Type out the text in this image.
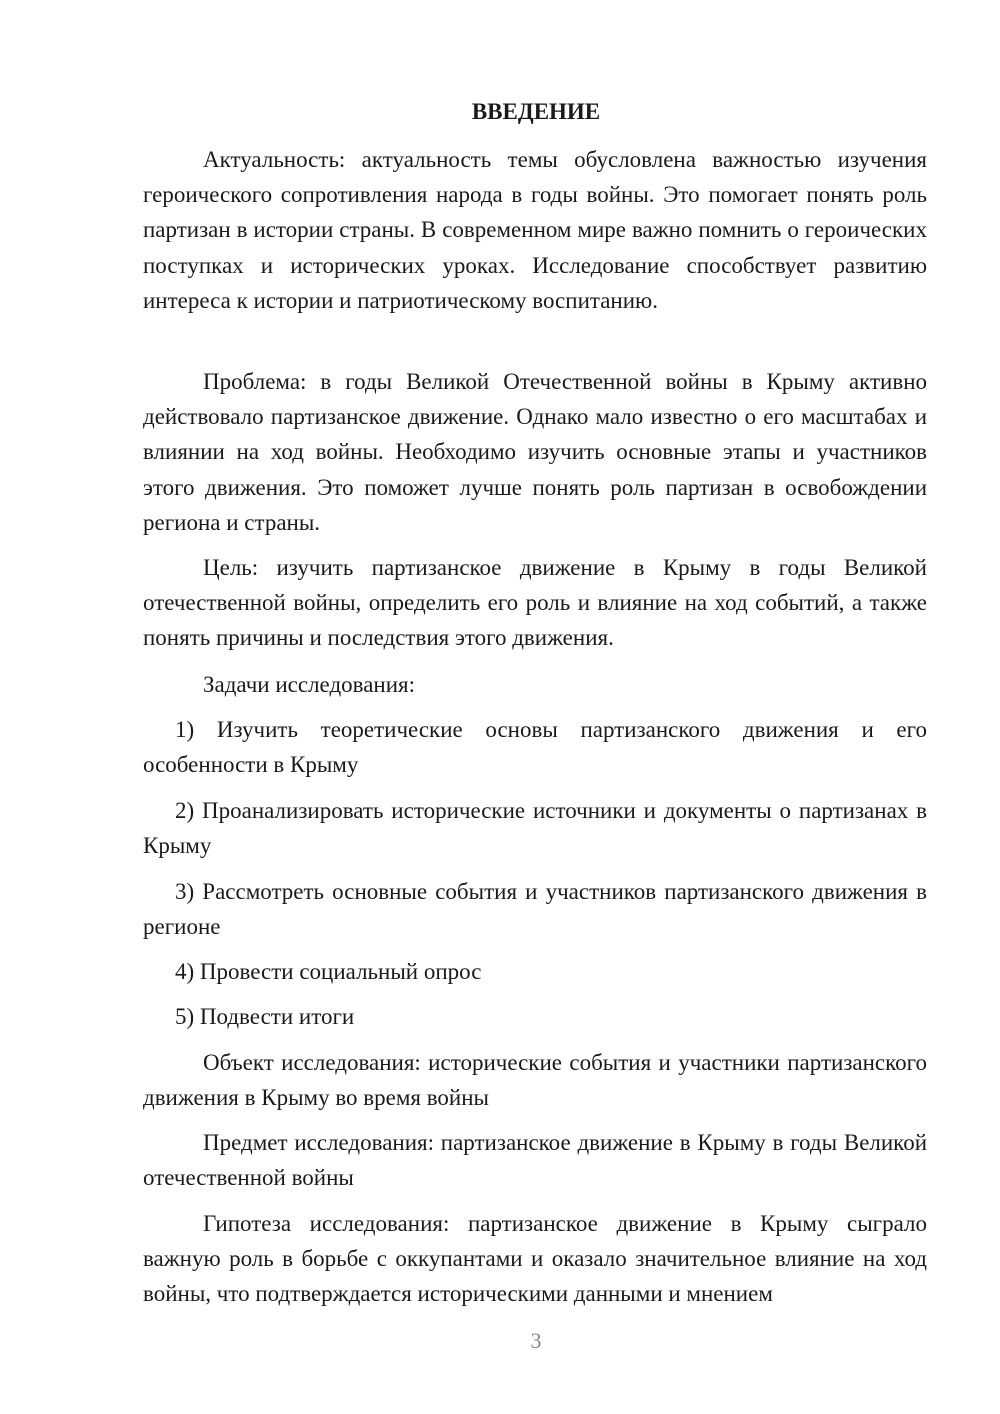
ВВЕДЕНИЕ
Актуальность: актуальность темы обусловлена важностью изучения героического сопротивления народа в годы войны. Это помогает понять роль партизан в истории страны. В современном мире важно помнить о героических поступках и исторических уроках. Исследование способствует развитию интереса к истории и патриотическому воспитанию.
Проблема: в годы Великой Отечественной войны в Крыму активно действовало партизанское движение. Однако мало известно о его масштабах и влиянии на ход войны. Необходимо изучить основные этапы и участников этого движения. Это поможет лучше понять роль партизан в освобождении региона и страны.
Цель: изучить партизанское движение в Крыму в годы Великой отечественной войны, определить его роль и влияние на ход событий, а также понять причины и последствия этого движения.
Задачи исследования:
1) Изучить теоретические основы партизанского движения и его особенности в Крыму
2) Проанализировать исторические источники и документы о партизанах в Крыму
3) Рассмотреть основные события и участников партизанского движения в регионе
4) Провести социальный опрос
5) Подвести итоги
Объект исследования: исторические события и участники партизанского движения в Крыму во время войны
Предмет исследования: партизанское движение в Крыму в годы Великой отечественной войны
Гипотеза исследования: партизанское движение в Крыму сыграло важную роль в борьбе с оккупантами и оказало значительное влияние на ход войны, что подтверждается историческими данными и мнением
3
